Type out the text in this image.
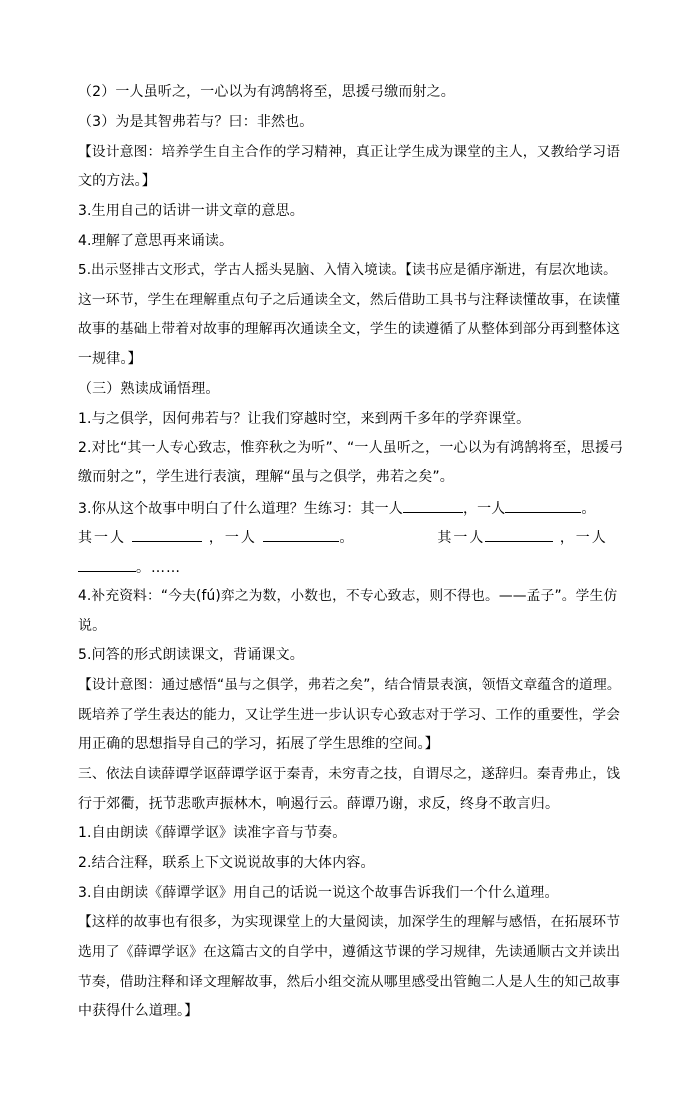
（2）一人虽听之，一心以为有鸿鹄将至，思援弓缴而射之。
（3）为是其智弗若与？曰：非然也。
【设计意图：培养学生自主合作的学习精神，真正让学生成为课堂的主人，又教给学习语
文的方法。】
3.生用自己的话讲一讲文章的意思。
4.理解了意思再来诵读。
5.出示竖排古文形式，学古人摇头晃脑、入情入境读。【读书应是循序渐进，有层次地读。
这一环节，学生在理解重点句子之后通读全文，然后借助工具书与注释读懂故事，在读懂
故事的基础上带着对故事的理解再次通读全文，学生的读遵循了从整体到部分再到整体这
一规律。】
（三）熟读成诵悟理。
1.与之俱学，因何弗若与？让我们穿越时空，来到两千多年的学弈课堂。
2.对比“其一人专心致志，惟弈秋之为听”、“一人虽听之，一心以为有鸿鹄将至，思援弓
缴而射之”，学生进行表演，理解“虽与之俱学，弗若之矣”。
3.你从这个故事中明白了什么道理？生练习：其一人	，一人	。
其一人	，一人	。	其一人	，一人
。……
4.补充资料：“今夫(fú)弈之为数，小数也，不专心致志，则不得也。——孟子”。学生仿
说。
5.问答的形式朗读课文，背诵课文。
【设计意图：通过感悟“虽与之俱学，弗若之矣”，结合情景表演，领悟文章蕴含的道理。
既培养了学生表达的能力，又让学生进一步认识专心致志对于学习、工作的重要性，学会
用正确的思想指导自己的学习，拓展了学生思维的空间。】
三、依法自读薛谭学讴薛谭学讴于秦青，未穷青之技，自谓尽之，遂辞归。秦青弗止，饯
行于郊衢，抚节悲歌声振林木，响遏行云。薛谭乃谢，求反，终身不敢言归。
1.自由朗读《薛谭学讴》读准字音与节奏。
2.结合注释，联系上下文说说故事的大体内容。
3.自由朗读《薛谭学讴》用自己的话说一说这个故事告诉我们一个什么道理。
【这样的故事也有很多，为实现课堂上的大量阅读，加深学生的理解与感悟，在拓展环节
选用了《薛谭学讴》在这篇古文的自学中，遵循这节课的学习规律，先读通顺古文并读出
节奏，借助注释和译文理解故事，然后小组交流从哪里感受出管鲍二人是人生的知己故事
中获得什么道理。】
